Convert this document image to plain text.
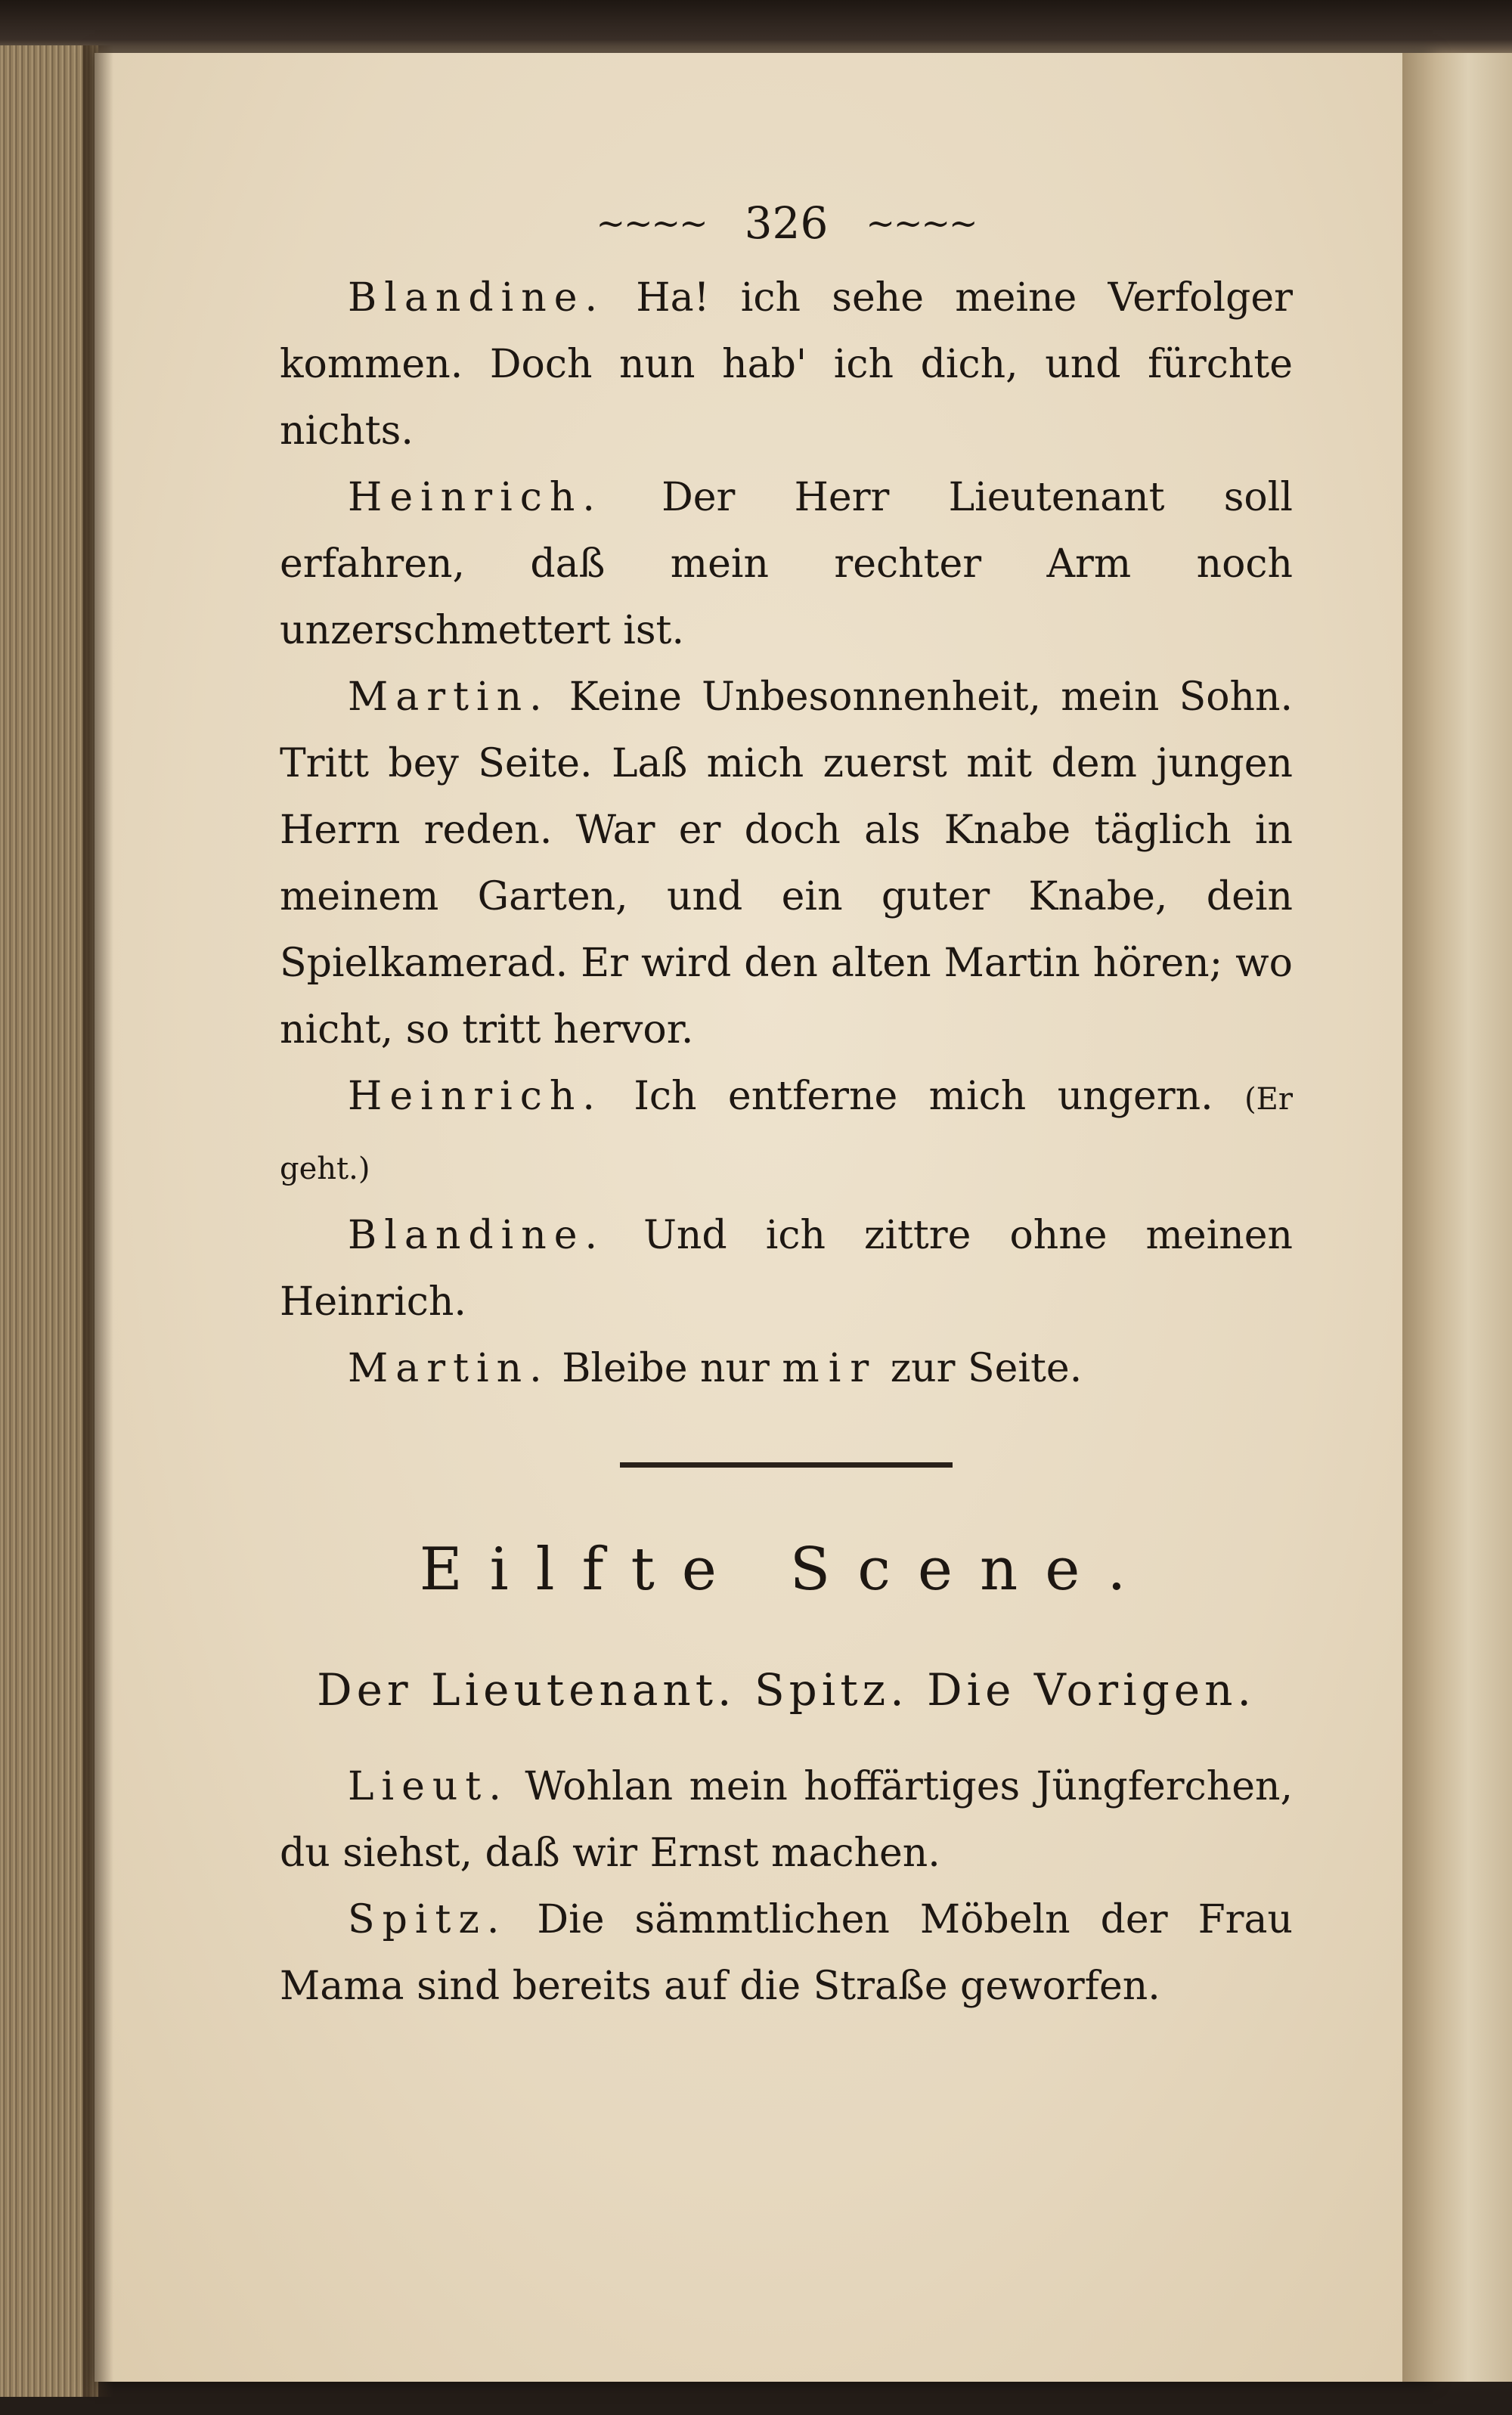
~~~~ 326 ~~~~

Blandine. Ha! ich sehe meine Verfolger kommen. Doch nun hab' ich dich, und fürchte nichts.

Heinrich. Der Herr Lieutenant soll erfahren, daß mein rechter Arm noch unzerschmettert ist.

Martin. Keine Unbesonnenheit, mein Sohn. Tritt bey Seite. Laß mich zuerst mit dem jungen Herrn reden. War er doch als Knabe täglich in meinem Garten, und ein guter Knabe, dein Spielkamerad. Er wird den alten Martin hören; wo nicht, so tritt hervor.

Heinrich. Ich entferne mich ungern. (Er geht.)

Blandine. Und ich zittre ohne meinen Heinrich.

Martin. Bleibe nur mir zur Seite.

Eilfte Scene.
Der Lieutenant. Spitz. Die Vorigen.

Lieut. Wohlan mein hoffärtiges Jüngferchen, du siehst, daß wir Ernst machen.

Spitz. Die sämmtlichen Möbeln der Frau Mama sind bereits auf die Straße geworfen.
